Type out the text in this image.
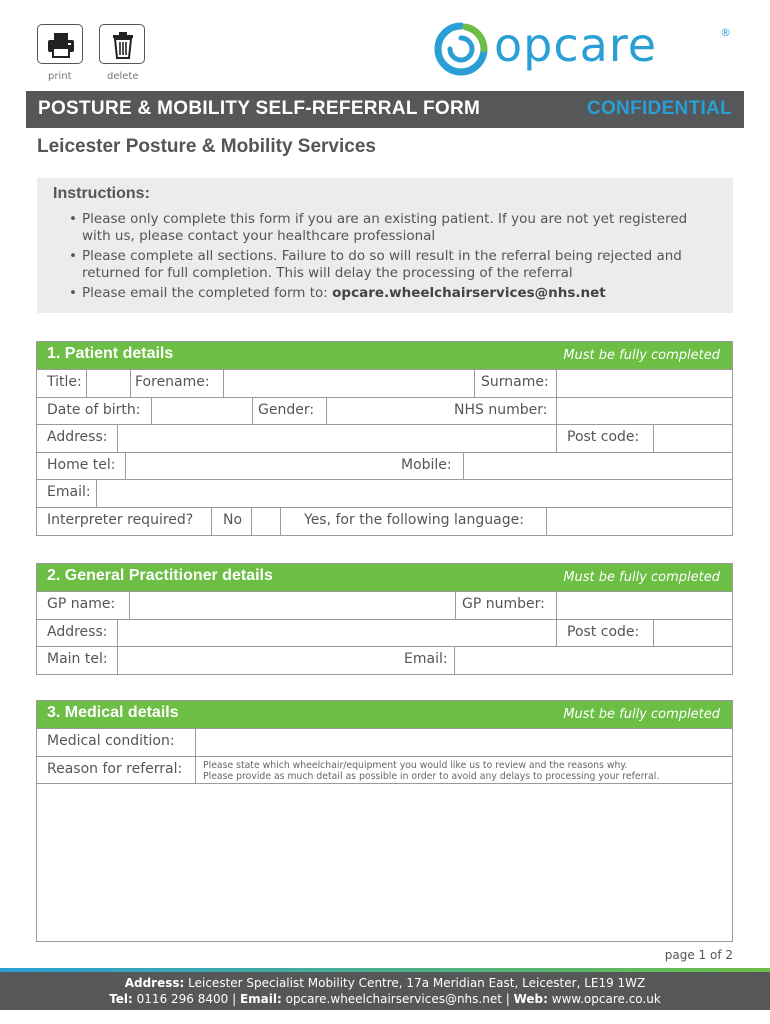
print	delete
opcare	®
POSTURE & MOBILITY SELF-REFERRAL FORM	CONFIDENTIAL
Leicester Posture & Mobility Services
Instructions:
• Please only complete this form if you are an existing patient. If you are not yet registered with us, please contact your healthcare professional
• Please complete all sections. Failure to do so will result in the referral being rejected and returned for full completion. This will delay the processing of the referral
• Please email the completed form to: opcare.wheelchairservices@nhs.net
1. Patient details	Must be fully completed
Title:	Forename:	Surname:
Date of birth:	Gender:	NHS number:
Address:	Post code:
Home tel:	Mobile:
Email:
Interpreter required? No	Yes, for the following language:
2. General Practitioner details	Must be fully completed
GP name:	GP number:
Address:	Post code:
Main tel:	Email:
3. Medical details	Must be fully completed
Medical condition:
Reason for referral: Please state which wheelchair/equipment you would like us to review and the reasons why.
Please provide as much detail as possible in order to avoid any delays to processing your referral.
page 1 of 2
Address: Leicester Specialist Mobility Centre, 17a Meridian East, Leicester, LE19 1WZ
Tel: 0116 296 8400 | Email: opcare.wheelchairservices@nhs.net | Web: www.opcare.co.uk
